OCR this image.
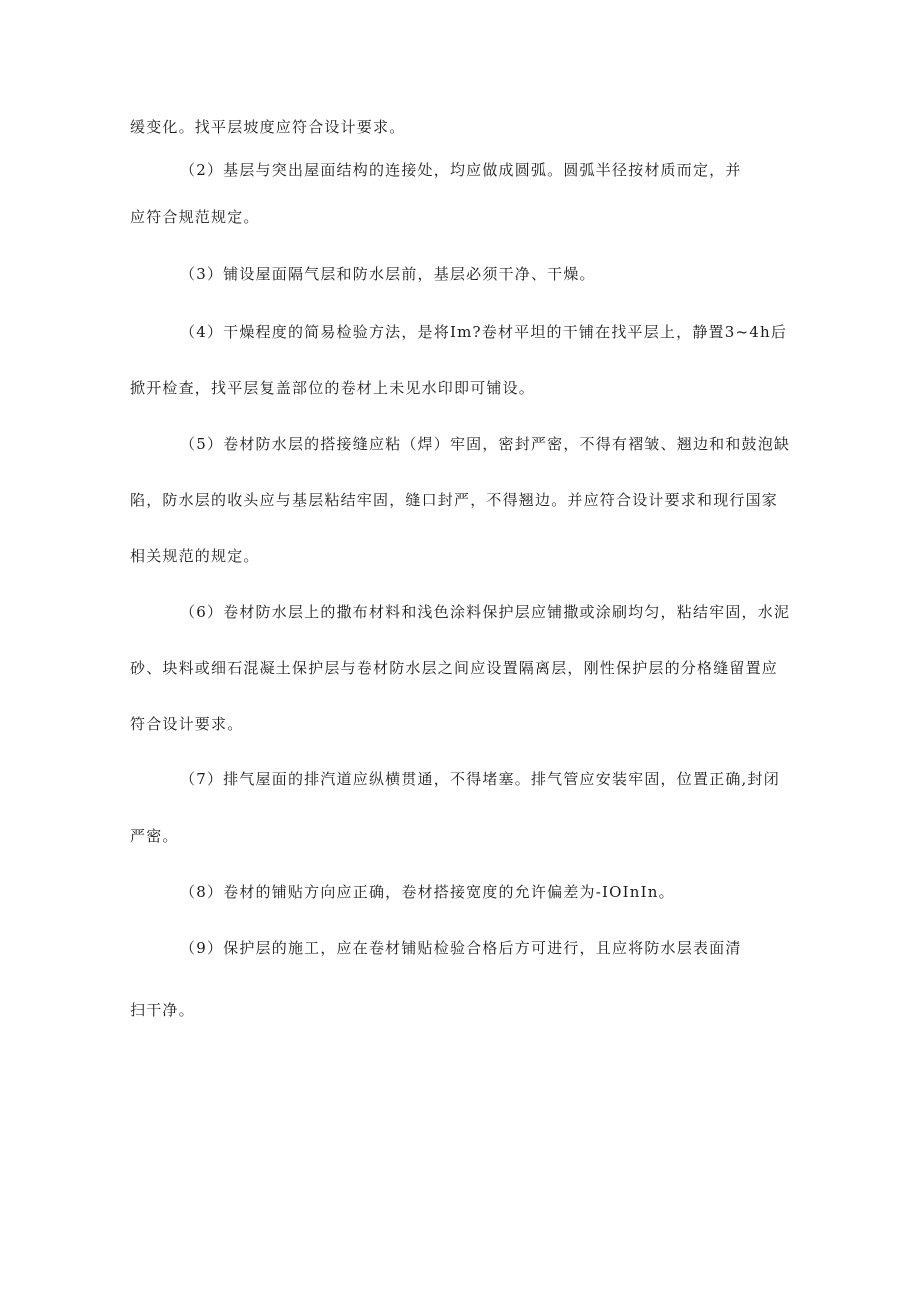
缓变化。找平层坡度应符合设计要求。
（2）基层与突出屋面结构的连接处，均应做成圆弧。圆弧半径按材质而定，并
应符合规范规定。
（3）铺设屋面隔气层和防水层前，基层必须干净、干燥。
（4）干燥程度的简易检验方法，是将Im?卷材平坦的干铺在找平层上，静置3~4h后
掀开检查，找平层复盖部位的卷材上未见水印即可铺设。
（5）卷材防水层的搭接缝应粘（焊）牢固，密封严密，不得有褶皱、翘边和和鼓泡缺
陷，防水层的收头应与基层粘结牢固，缝口封严，不得翘边。并应符合设计要求和现行国家
相关规范的规定。
（6）卷材防水层上的撒布材料和浅色涂料保护层应铺撒或涂刷均匀，粘结牢固，水泥
砂、块料或细石混凝土保护层与卷材防水层之间应设置隔离层，刚性保护层的分格缝留置应
符合设计要求。
（7）排气屋面的排汽道应纵横贯通，不得堵塞。排气管应安装牢固，位置正确,封闭
严密。
（8）卷材的铺贴方向应正确，卷材搭接宽度的允许偏差为-IOInIn。
（9）保护层的施工，应在卷材铺贴检验合格后方可进行，且应将防水层表面清
扫干净。
